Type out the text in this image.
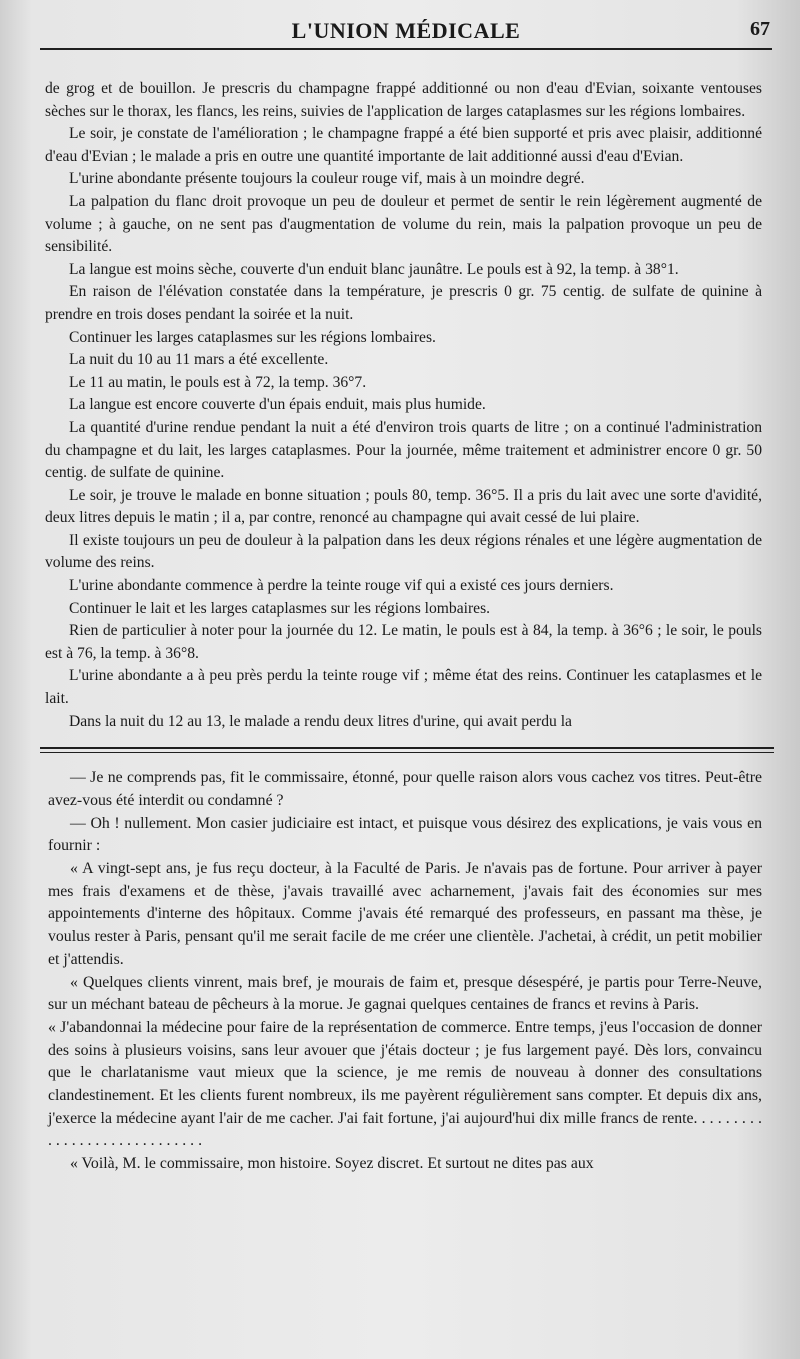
L'UNION MÉDICALE	67

de grog et de bouillon. Je prescris du champagne frappé additionné ou non d'eau d'Evian, soixante ventouses sèches sur le thorax, les flancs, les reins, suivies de l'application de larges cataplasmes sur les régions lombaires.

Le soir, je constate de l'amélioration ; le champagne frappé a été bien supporté et pris avec plaisir, additionné d'eau d'Evian ; le malade a pris en outre une quantité importante de lait additionné aussi d'eau d'Evian.

L'urine abondante présente toujours la couleur rouge vif, mais à un moindre degré.

La palpation du flanc droit provoque un peu de douleur et permet de sentir le rein légèrement augmenté de volume ; à gauche, on ne sent pas d'augmentation de volume du rein, mais la palpation provoque un peu de sensibilité.

La langue est moins sèche, couverte d'un enduit blanc jaunâtre. Le pouls est à 92, la temp. à 38°1.

En raison de l'élévation constatée dans la température, je prescris 0 gr. 75 centig. de sulfate de quinine à prendre en trois doses pendant la soirée et la nuit.

Continuer les larges cataplasmes sur les régions lombaires.

La nuit du 10 au 11 mars a été excellente.

Le 11 au matin, le pouls est à 72, la temp. 36°7.

La langue est encore couverte d'un épais enduit, mais plus humide.

La quantité d'urine rendue pendant la nuit a été d'environ trois quarts de litre ; on a continué l'administration du champagne et du lait, les larges cataplasmes. Pour la journée, même traitement et administrer encore 0 gr. 50 centig. de sulfate de quinine.

Le soir, je trouve le malade en bonne situation ; pouls 80, temp. 36°5. Il a pris du lait avec une sorte d'avidité, deux litres depuis le matin ; il a, par contre, renoncé au champagne qui avait cessé de lui plaire.

Il existe toujours un peu de douleur à la palpation dans les deux régions rénales et une légère augmentation de volume des reins.

L'urine abondante commence à perdre la teinte rouge vif qui a existé ces jours derniers.

Continuer le lait et les larges cataplasmes sur les régions lombaires.

Rien de particulier à noter pour la journée du 12. Le matin, le pouls est à 84, la temp. à 36°6 ; le soir, le pouls est à 76, la temp. à 36°8.

L'urine abondante a à peu près perdu la teinte rouge vif ; même état des reins. Continuer les cataplasmes et le lait.

Dans la nuit du 12 au 13, le malade a rendu deux litres d'urine, qui avait perdu la

— Je ne comprends pas, fit le commissaire, étonné, pour quelle raison alors vous cachez vos titres. Peut-être avez-vous été interdit ou condamné ?

— Oh ! nullement. Mon casier judiciaire est intact, et puisque vous désirez des explications, je vais vous en fournir :

« A vingt-sept ans, je fus reçu docteur, à la Faculté de Paris. Je n'avais pas de fortune. Pour arriver à payer mes frais d'examens et de thèse, j'avais travaillé avec acharnement, j'avais fait des économies sur mes appointements d'interne des hôpitaux. Comme j'avais été remarqué des professeurs, en passant ma thèse, je voulus rester à Paris, pensant qu'il me serait facile de me créer une clientèle. J'achetai, à crédit, un petit mobilier et j'attendis.

« Quelques clients vinrent, mais bref, je mourais de faim et, presque désespéré, je partis pour Terre-Neuve, sur un méchant bateau de pêcheurs à la morue. Je gagnai quelques centaines de francs et revins à Paris.

« J'abandonnai la médecine pour faire de la représentation de commerce. Entre temps, j'eus l'occasion de donner des soins à plusieurs voisins, sans leur avouer que j'étais docteur ; je fus largement payé. Dès lors, convaincu que le charlatanisme vaut mieux que la science, je me remis de nouveau à donner des consultations clandestinement. Et les clients furent nombreux, ils me payèrent régulièrement sans compter. Et depuis dix ans, j'exerce la médecine ayant l'air de me cacher. J'ai fait fortune, j'ai aujourd'hui dix mille francs de rente. . . . . . . . . . . . . . . . . . . . . . . . . . . . .

« Voilà, M. le commissaire, mon histoire. Soyez discret. Et surtout ne dites pas aux
